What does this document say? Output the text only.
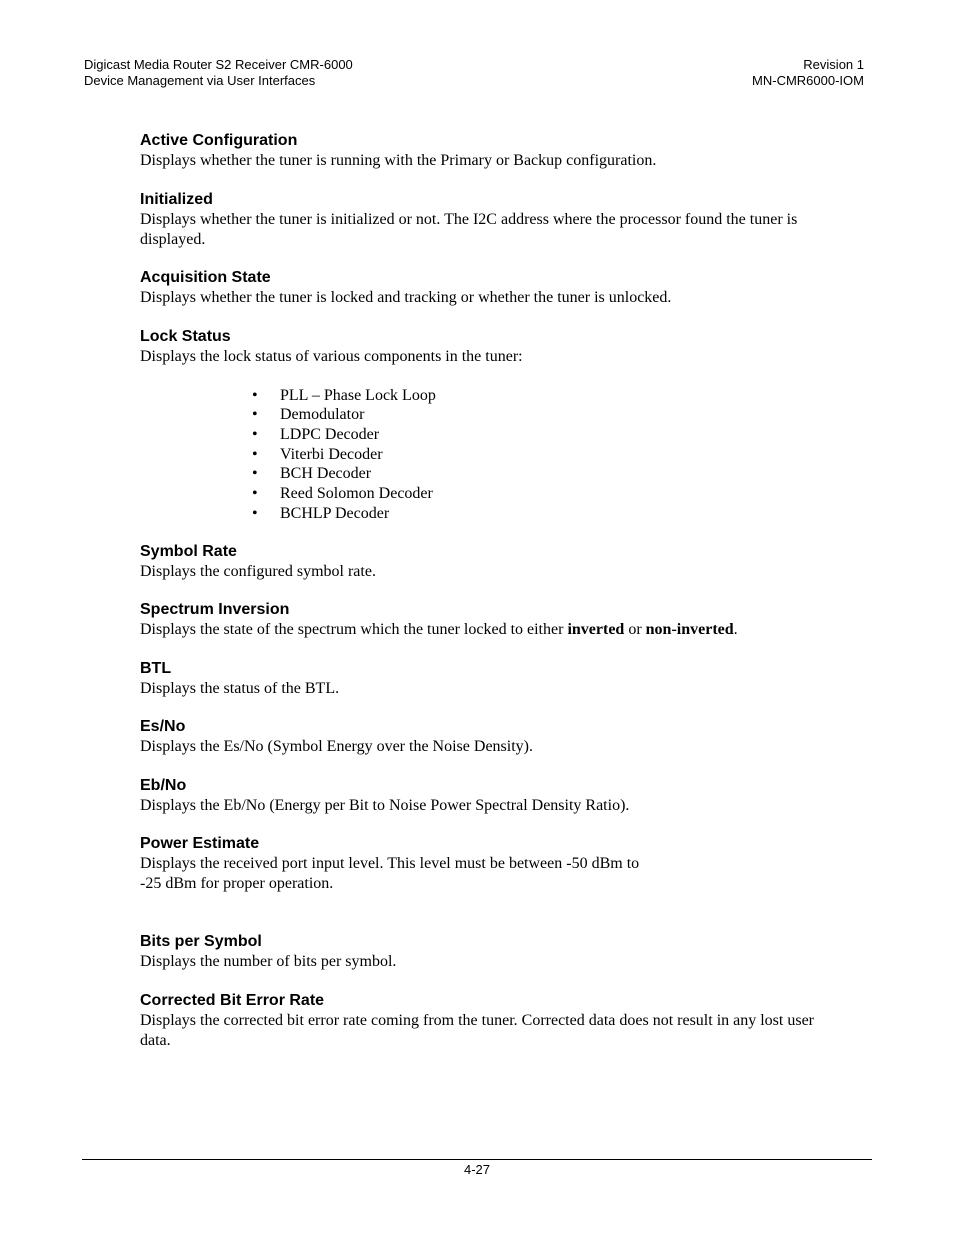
Digicast Media Router S2 Receiver CMR-6000
Device Management via User Interfaces
Revision 1
MN-CMR6000-IOM

Active Configuration

Displays whether the tuner is running with the Primary or Backup configuration.

Initialized

Displays whether the tuner is initialized or not. The I2C address where the processor found the tuner is
displayed.

Acquisition State

Displays whether the tuner is locked and tracking or whether the tuner is unlocked.

Lock Status

Displays the lock status of various components in the tuner:

• PLL – Phase Lock Loop
• Demodulator
• LDPC Decoder
• Viterbi Decoder
• BCH Decoder
• Reed Solomon Decoder
• BCHLP Decoder

Symbol Rate

Displays the configured symbol rate.

Spectrum Inversion

Displays the state of the spectrum which the tuner locked to either inverted or non-inverted.

BTL

Displays the status of the BTL.

Es/No

Displays the Es/No (Symbol Energy over the Noise Density).

Eb/No

Displays the Eb/No (Energy per Bit to Noise Power Spectral Density Ratio).

Power Estimate

Displays the received port input level. This level must be between -50 dBm to
-25 dBm for proper operation.

Bits per Symbol

Displays the number of bits per symbol.

Corrected Bit Error Rate

Displays the corrected bit error rate coming from the tuner. Corrected data does not result in any lost user
data.

4-27
